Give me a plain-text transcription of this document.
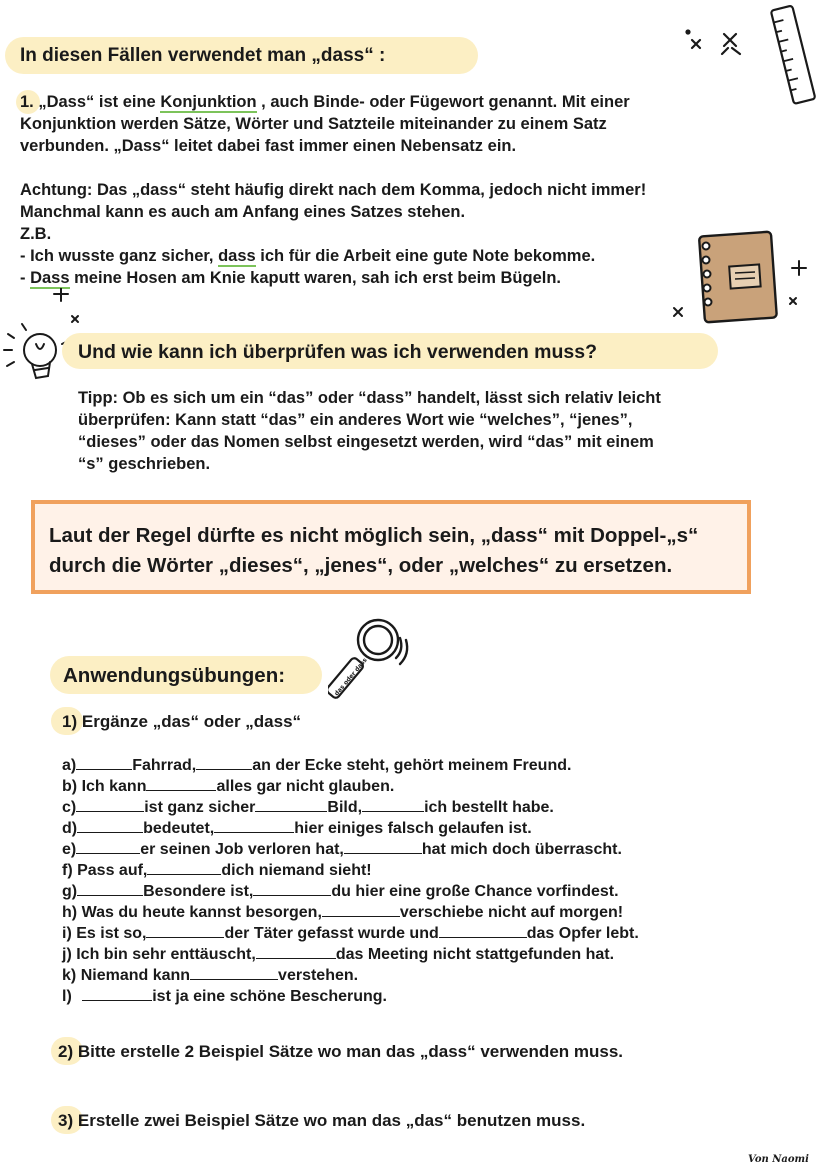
In diesen Fällen verwendet man „dass“ :
1. „Dass“ ist eine Konjunktion , auch Binde- oder Fügewort genannt. Mit einer
Konjunktion werden Sätze, Wörter und Satzteile miteinander zu einem Satz
verbunden. „Dass“ leitet dabei fast immer einen Nebensatz ein.
Achtung: Das „dass“ steht häufig direkt nach dem Komma, jedoch nicht immer!
Manchmal kann es auch am Anfang eines Satzes stehen.
Z.B.
- Ich wusste ganz sicher, dass ich für die Arbeit eine gute Note bekomme.
- Dass meine Hosen am Knie kaputt waren, sah ich erst beim Bügeln.
Und wie kann ich überprüfen was ich verwenden muss?
Tipp: Ob es sich um ein “das” oder “dass” handelt, lässt sich relativ leicht
überprüfen: Kann statt “das” ein anderes Wort wie “welches”, “jenes”,
“dieses” oder das Nomen selbst eingesetzt werden, wird “das” mit einem
“s” geschrieben.
Laut der Regel dürfte es nicht möglich sein, „dass“ mit Doppel-„s“
durch die Wörter „dieses“, „jenes“, oder „welches“ zu ersetzen.
Anwendungsübungen:	das oder dass
1) Ergänze „das“ oder „dass“
a)	Fahrrad,	an der Ecke steht, gehört meinem Freund.
b) Ich kann	alles gar nicht glauben.
c)	ist ganz sicher	Bild,	ich bestellt habe.
d)	bedeutet,	hier einiges falsch gelaufen ist.
e)	er seinen Job verloren hat,	hat mich doch überrascht.
f) Pass auf,	dich niemand sieht!
g)	Besondere ist,	du hier eine große Chance vorfindest.
h) Was du heute kannst besorgen,	verschiebe nicht auf morgen!
i) Es ist so,	der Täter gefasst wurde und	das Opfer lebt.
j) Ich bin sehr enttäuscht,	das Meeting nicht stattgefunden hat.
k) Niemand kann	verstehen.
l)	ist ja eine schöne Bescherung.
2) Bitte erstelle 2 Beispiel Sätze wo man das „dass“ verwenden muss.
3) Erstelle zwei Beispiel Sätze wo man das „das“ benutzen muss.
Von Naomi
